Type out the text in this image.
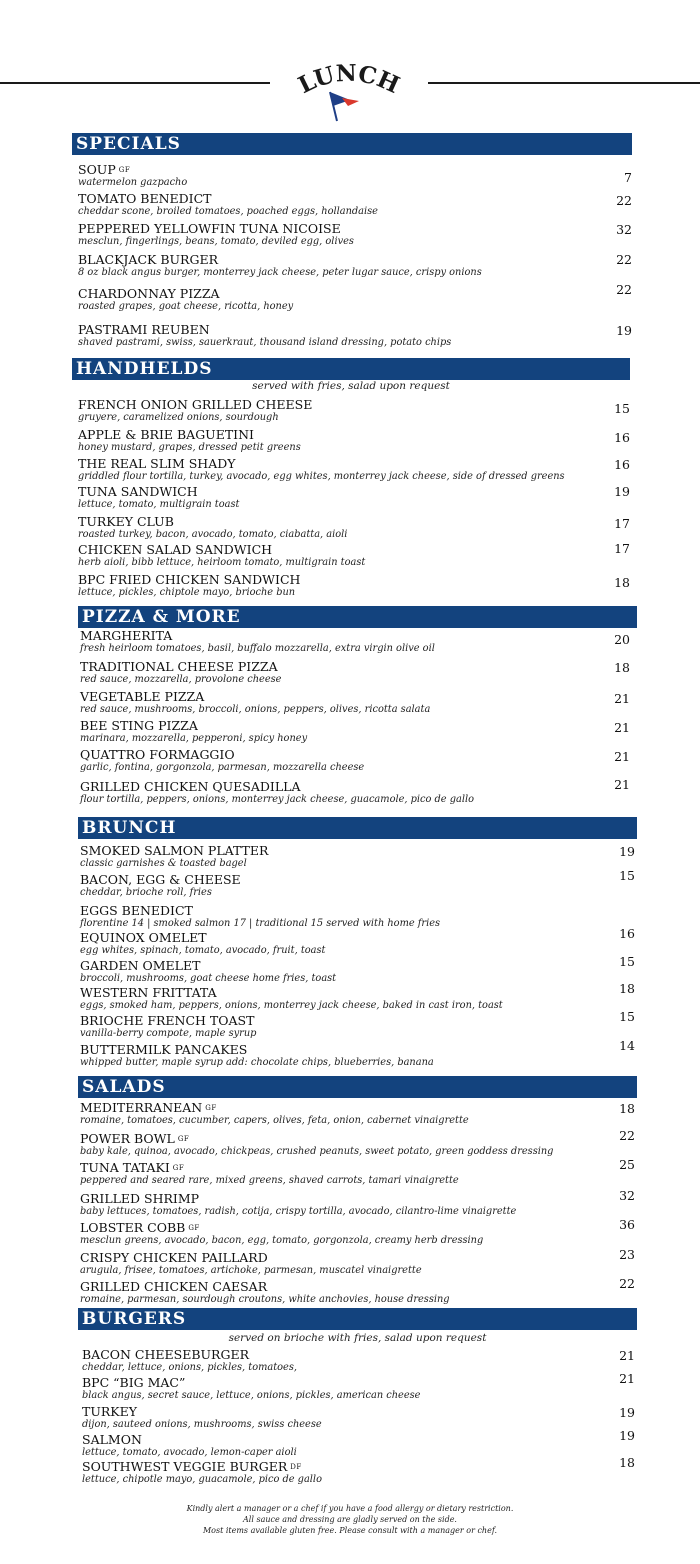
LUNCH
SPECIALS
SOUP $^{GF}$
watermelon gazpacho	7
TOMATO BENEDICT
cheddar scone, broiled tomatoes, poached eggs, hollandaise
22
PEPPERED YELLOWFIN TUNA NICOISE
mesclun, fingerlings, beans, tomato, deviled egg, olives
32
BLACKJACK BURGER
8 oz black angus burger, monterrey jack cheese, peter lugar sauce, crispy onions
22
CHARDONNAY PIZZA
roasted grapes, goat cheese, ricotta, honey
22
PASTRAMI REUBEN
shaved pastrami, swiss, sauerkraut, thousand island dressing, potato chips
19
HANDHELDS
served with fries, salad upon request
FRENCH ONION GRILLED CHEESE
gruyere, caramelized onions, sourdough
15
APPLE & BRIE BAGUETINI
honey mustard, grapes, dressed petit greens
16
THE REAL SLIM SHADY
griddled flour tortilla, turkey, avocado, egg whites, monterrey jack cheese, side of dressed greens
16
TUNA SANDWICH
lettuce, tomato, multigrain toast
19
TURKEY CLUB
roasted turkey, bacon, avocado, tomato, ciabatta, aioli
17
CHICKEN SALAD SANDWICH
herb aioli, bibb lettuce, heirloom tomato, multigrain toast
17
BPC FRIED CHICKEN SANDWICH
lettuce, pickles, chiptole mayo, brioche bun
18
PIZZA & MORE
MARGHERITA
fresh heirloom tomatoes, basil, buffalo mozzarella, extra virgin olive oil
20
TRADITIONAL CHEESE PIZZA
red sauce, mozzarella, provolone cheese
18
VEGETABLE PIZZA
red sauce, mushrooms, broccoli, onions, peppers, olives, ricotta salata
21
BEE STING PIZZA
marinara, mozzarella, pepperoni, spicy honey
21
QUATTRO FORMAGGIO
garlic, fontina, gorgonzola, parmesan, mozzarella cheese
21
GRILLED CHICKEN QUESADILLA
flour tortilla, peppers, onions, monterrey jack cheese, guacamole, pico de gallo
21
BRUNCH
SMOKED SALMON PLATTER
classic garnishes & toasted bagel
19
BACON, EGG & CHEESE
cheddar, brioche roll, fries
15
EGGS BENEDICT
florentine 14 | smoked salmon 17 | traditional 15 served with home fries
EQUINOX OMELET
egg whites, spinach, tomato, avocado, fruit, toast
16
GARDEN OMELET
broccoli, mushrooms, goat cheese home fries, toast
15
WESTERN FRITTATA
eggs, smoked ham, peppers, onions, monterrey jack cheese, baked in cast iron, toast
18
BRIOCHE FRENCH TOAST
vanilla-berry compote, maple syrup
15
BUTTERMILK PANCAKES
whipped butter, maple syrup add: chocolate chips, blueberries, banana
14
SALADS
MEDITERRANEAN $^{GF}$
romaine, tomatoes, cucumber, capers, olives, feta, onion, cabernet vinaigrette
18
POWER BOWL $^{GF}$
baby kale, quinoa, avocado, chickpeas, crushed peanuts, sweet potato, green goddess dressing
22
TUNA TATAKI $^{GF}$
peppered and seared rare, mixed greens, shaved carrots, tamari vinaigrette
25
GRILLED SHRIMP
baby lettuces, tomatoes, radish, cotija, crispy tortilla, avocado, cilantro-lime vinaigrette
32
LOBSTER COBB $^{GF}$
mesclun greens, avocado, bacon, egg, tomato, gorgonzola, creamy herb dressing
36
CRISPY CHICKEN PAILLARD
arugula, frisee, tomatoes, artichoke, parmesan, muscatel vinaigrette
23
GRILLED CHICKEN CAESAR
romaine, parmesan, sourdough croutons, white anchovies, house dressing
22
BURGERS
served on brioche with fries, salad upon request
BACON CHEESEBURGER
cheddar, lettuce, onions, pickles, tomatoes,
21
BPC “BIG MAC”
black angus, secret sauce, lettuce, onions, pickles, american cheese
21
TURKEY
dijon, sauteed onions, mushrooms, swiss cheese
19
SALMON
lettuce, tomato, avocado, lemon-caper aioli
19
SOUTHWEST VEGGIE BURGER $^{DF}$
lettuce, chipotle mayo, guacamole, pico de gallo
18
Kindly alert a manager or a chef if you have a food allergy or dietary restriction.
All sauce and dressing are gladly served on the side.
Most items available gluten free. Please consult with a manager or chef.
